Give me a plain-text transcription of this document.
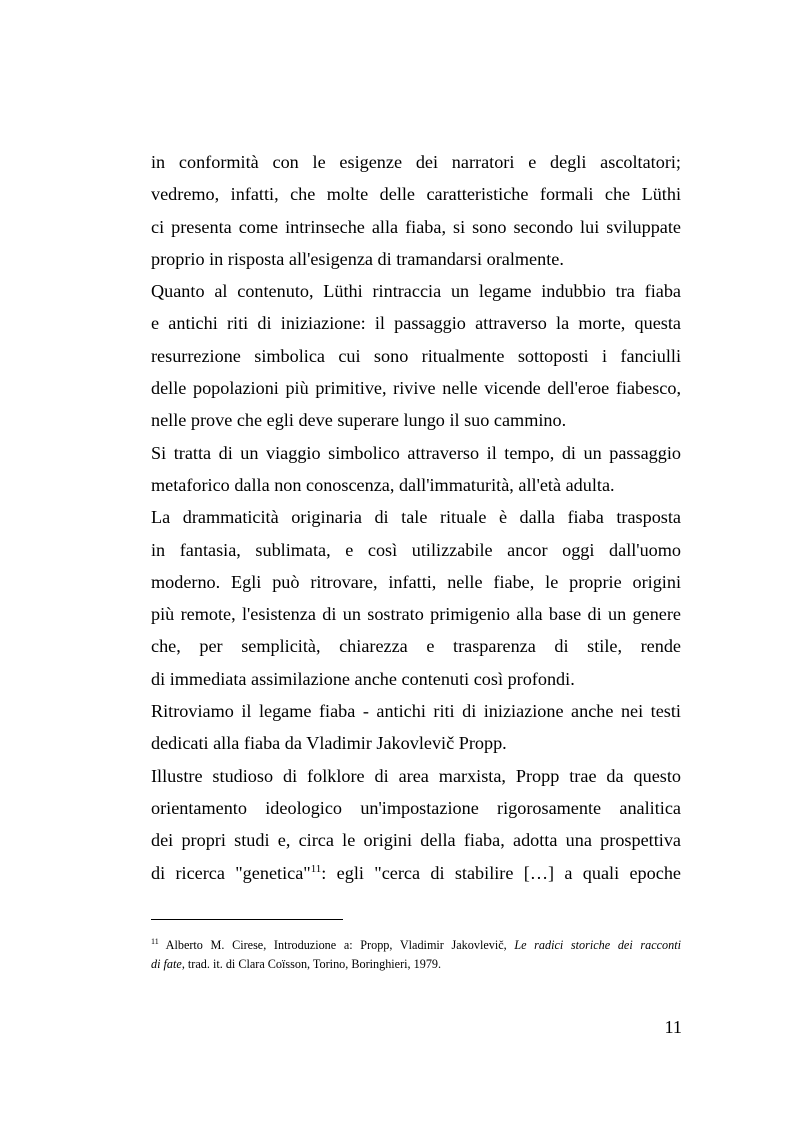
in conformità con le esigenze dei narratori e degli ascoltatori;
vedremo, infatti, che molte delle caratteristiche formali che Lüthi
ci presenta come intrinseche alla fiaba, si sono secondo lui sviluppate
proprio in risposta all'esigenza di tramandarsi oralmente.
Quanto al contenuto, Lüthi rintraccia un legame indubbio tra fiaba
e antichi riti di iniziazione: il passaggio attraverso la morte, questa
resurrezione simbolica cui sono ritualmente sottoposti i fanciulli
delle popolazioni più primitive, rivive nelle vicende dell'eroe fiabesco,
nelle prove che egli deve superare lungo il suo cammino.
Si tratta di un viaggio simbolico attraverso il tempo, di un passaggio
metaforico dalla non conoscenza, dall'immaturità, all'età adulta.
La drammaticità originaria di tale rituale è dalla fiaba trasposta
in fantasia, sublimata, e così utilizzabile ancor oggi dall'uomo
moderno. Egli può ritrovare, infatti, nelle fiabe, le proprie origini
più remote, l'esistenza di un sostrato primigenio alla base di un genere
che, per semplicità, chiarezza e trasparenza di stile, rende
di immediata assimilazione anche contenuti così profondi.
Ritroviamo il legame fiaba - antichi riti di iniziazione anche nei testi
dedicati alla fiaba da Vladimir Jakovlevič Propp.
Illustre studioso di folklore di area marxista, Propp trae da questo
orientamento ideologico un'impostazione rigorosamente analitica
dei propri studi e, circa le origini della fiaba, adotta una prospettiva
di ricerca "genetica"$^{11}$: egli "cerca di stabilire […] a quali epoche
$^{11}$ Alberto M. Cirese, Introduzione a: Propp, Vladimir Jakovlevič, Le radici storiche dei racconti
di fate, trad. it. di Clara Coïsson, Torino, Boringhieri, 1979.
11
